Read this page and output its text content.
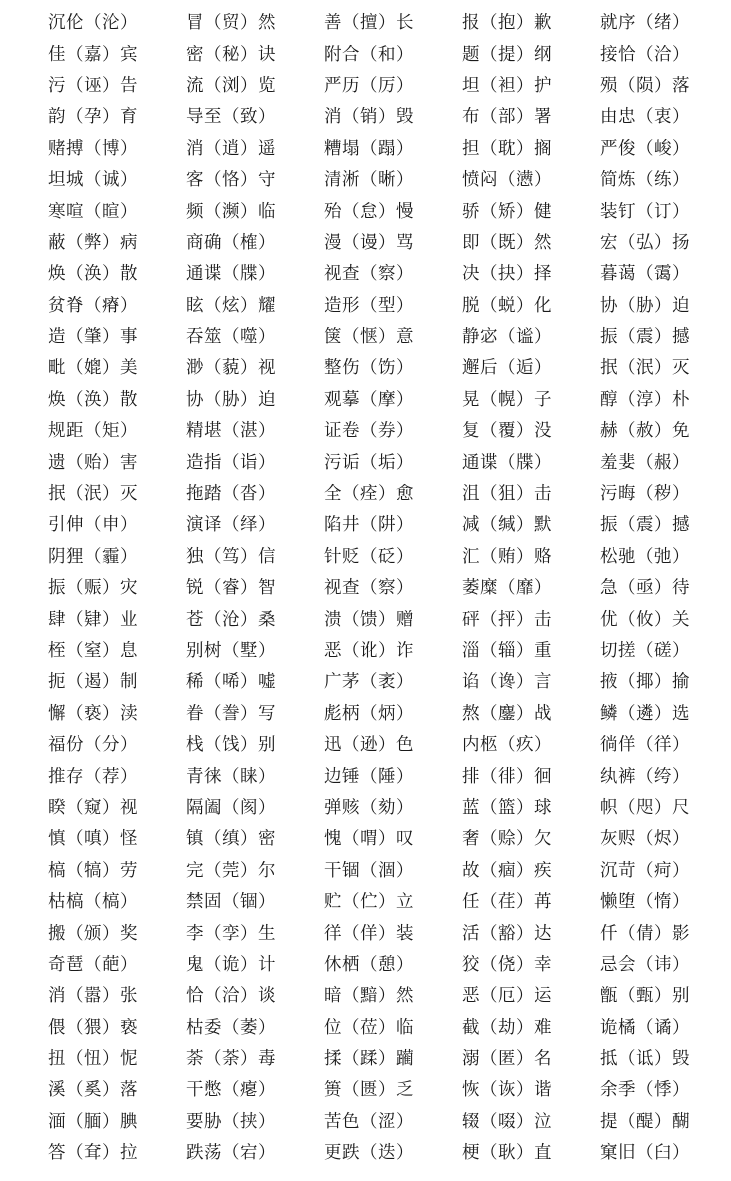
沉伦（沦）	冒（贸）然	善（擅）长	报（抱）歉	就序（绪）
佳（嘉）宾	密（秘）诀	附合（和）	题（提）纲	接恰（洽）
污（诬）告	流（浏）览	严历（厉）	坦（袒）护	殒（陨）落
韵（孕）育	导至（致）	消（销）毁	布（部）署	由忠（衷）
赌搏（博）	消（逍）遥	糟塌（蹋）	担（耽）搁	严俊（峻）
坦城（诚）	客（恪）守	清淅（晰）	愤闷（懑）	简炼（练）
寒喧（暄）	频（濒）临	殆（怠）慢	骄（矫）健	装钉（订）
蔽（弊）病	商确（榷）	漫（谩）骂	即（既）然	宏（弘）扬
焕（涣）散	通谍（牒）	视查（察）	决（抉）择	暮蔼（霭）
贫脊（瘠）	眩（炫）耀	造形（型）	脱（蜕）化	协（胁）迫
造（肇）事	吞筮（噬）	箧（惬）意	静宓（谧）	振（震）撼
毗（媲）美	渺（藐）视	整伤（饬）	邂后（逅）	抿（泯）灭
焕（涣）散	协（胁）迫	观摹（摩）	晃（幌）子	醇（淳）朴
规距（矩）	精堪（湛）	证卷（券）	复（覆）没	赫（赦）免
遗（贻）害	造指（诣）	污诟（垢）	通谍（牒）	羞婓（赧）
抿（泯）灭	拖踏（沓）	全（痊）愈	沮（狙）击	污晦（秽）
引伸（申）	演译（绎）	陷井（阱）	减（缄）默	振（震）撼
阴狸（霾）	独（笃）信	针贬（砭）	汇（贿）赂	松驰（弛）
振（赈）灾	锐（睿）智	视查（察）	萎糜（靡）	急（亟）待
肆（肄）业	苍（沧）桑	溃（馈）赠	砰（抨）击	优（攸）关
桎（窒）息	别树（墅）	恶（讹）诈	淄（辎）重	切搓（磋）
扼（遏）制	稀（唏）嘘	广茅（袤）	谄（谗）言	掖（揶）揄
懈（亵）渎	眷（誊）写	彪柄（炳）	熬（鏖）战	鳞（遴）选
福份（分）	栈（饯）别	迅（逊）色	内柩（疚）	徜佯（徉）
推存（荐）	青徕（睐）	边锤（陲）	排（徘）徊	纨裤（绔）
睽（窥）视	隔阖（阂）	弹赅（劾）	蓝（篮）球	帜（咫）尺
慎（嗔）怪	镇（缜）密	愧（喟）叹	奢（赊）欠	灰赆（烬）
槁（犒）劳	完（莞）尔	干锢（涸）	故（痼）疾	沉苛（疴）
枯槁（槁）	禁固（锢）	贮（伫）立	任（荏）苒	懒堕（惰）
搬（颁）奖	李（孪）生	徉（佯）装	活（豁）达	仟（倩）影
奇琶（葩）	鬼（诡）计	休栖（憩）	狡（侥）幸	忌会（讳）
消（嚣）张	恰（洽）谈	暗（黯）然	恶（厄）运	甑（甄）别
偎（猥）亵	枯委（萎）	位（莅）临	截（劫）难	诡橘（谲）
扭（忸）怩	荼（荼）毒	揉（蹂）躏	溺（匿）名	抵（诋）毁
溪（奚）落	干憋（瘪）	篑（匮）乏	恢（诙）谐	余季（悸）
湎（腼）腆	要胁（挟）	苦色（涩）	辍（啜）泣	提（醍）醐
答（耷）拉	跌荡（宕）	更跌（迭）	梗（耿）直	窠旧（臼）
